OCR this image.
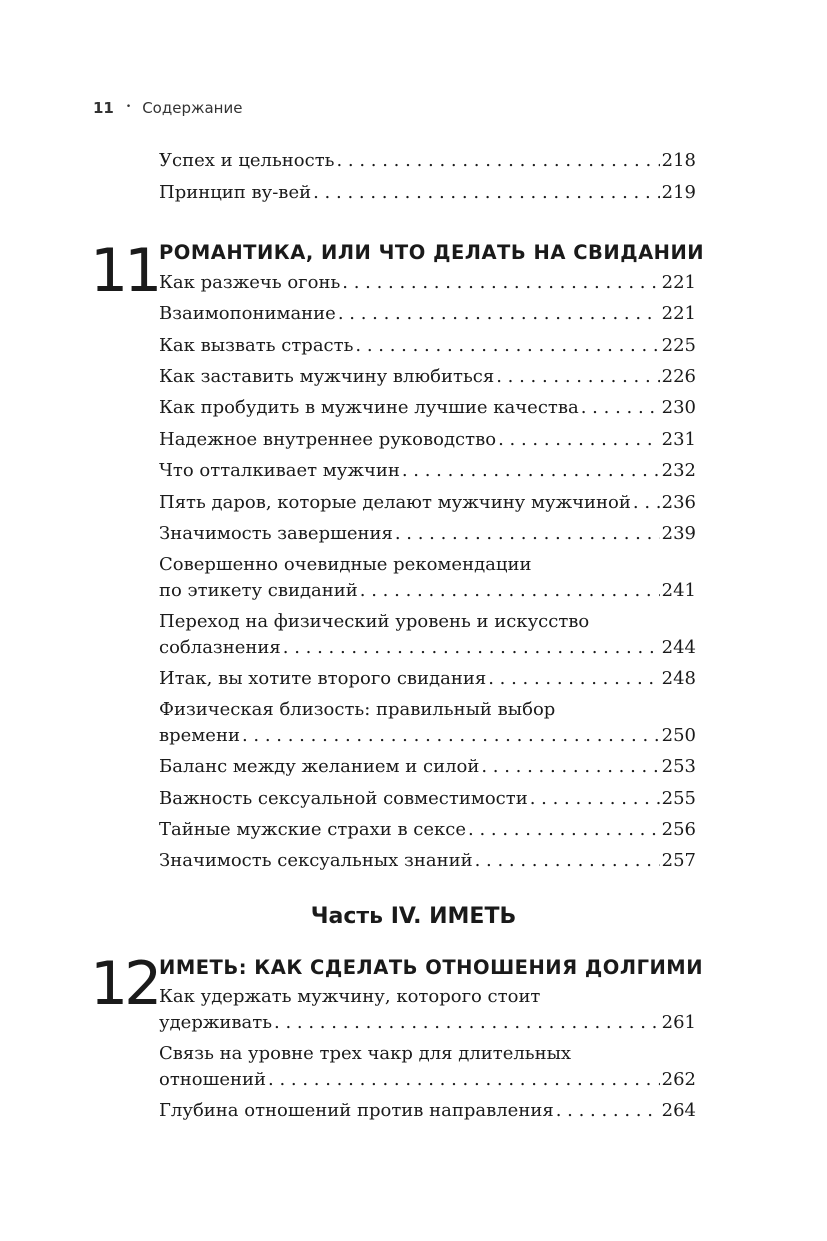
11 • Содержание
Успех и цельность . . .	218
Принцип ву-вей . . .	219
11 РОМАНТИКА, ИЛИ ЧТО ДЕЛАТЬ НА СВИДАНИИ
Как разжечь огонь . . .	221
Взаимопонимание . . .	221
Как вызвать страсть . . .	225
Как заставить мужчину влюбиться . . .	226
Как пробудить в мужчине лучшие качества . . .	230
Надежное внутреннее руководство . . .	231
Что отталкивает мужчин . . .	232
Пять даров, которые делают мужчину мужчиной . . . 236
Значимость завершения . . .	239
Совершенно очевидные рекомендации
по этикету свиданий . . .	241
Переход на физический уровень и искусство
соблазнения . . .	244
Итак, вы хотите второго свидания . . .	248
Физическая близость: правильный выбор
времени . . .	250
Баланс между желанием и силой . . .	253
Важность сексуальной совместимости . . .	255
Тайные мужские страхи в сексе . . .	256
Значимость сексуальных знаний . . .	257
Часть IV. ИМЕТЬ
12 ИМЕТЬ: КАК СДЕЛАТЬ ОТНОШЕНИЯ ДОЛГИМИ
Как удержать мужчину, которого стоит
удерживать . . .	261
Связь на уровне трех чакр для длительных
отношений . . .	262
Глубина отношений против направления . . .	264
